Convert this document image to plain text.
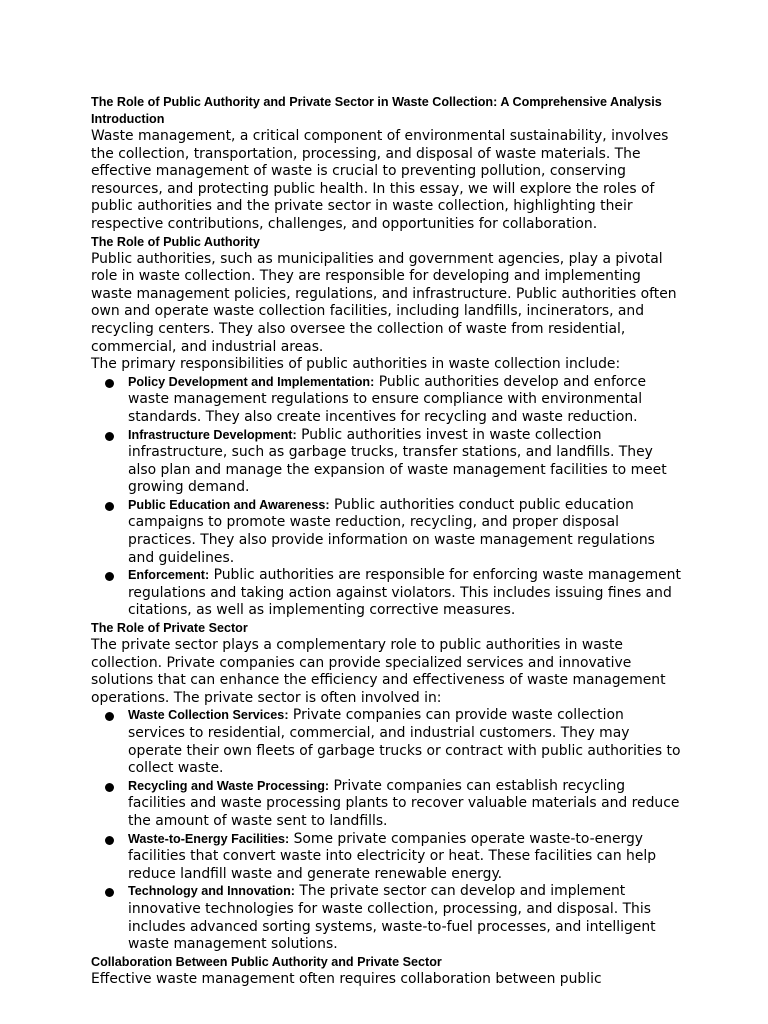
The Role of Public Authority and Private Sector in Waste Collection: A Comprehensive Analysis

Introduction

Waste management, a critical component of environmental sustainability, involves the collection, transportation, processing, and disposal of waste materials. The effective management of waste is crucial to preventing pollution, conserving resources, and protecting public health. In this essay, we will explore the roles of public authorities and the private sector in waste collection, highlighting their respective contributions, challenges, and opportunities for collaboration.

The Role of Public Authority

Public authorities, such as municipalities and government agencies, play a pivotal role in waste collection. They are responsible for developing and implementing waste management policies, regulations, and infrastructure. Public authorities often own and operate waste collection facilities, including landfills, incinerators, and recycling centers. They also oversee the collection of waste from residential, commercial, and industrial areas.

The primary responsibilities of public authorities in waste collection include:

Policy Development and Implementation: Public authorities develop and enforce waste management regulations to ensure compliance with environmental standards. They also create incentives for recycling and waste reduction.
Infrastructure Development: Public authorities invest in waste collection infrastructure, such as garbage trucks, transfer stations, and landfills. They also plan and manage the expansion of waste management facilities to meet growing demand.
Public Education and Awareness: Public authorities conduct public education campaigns to promote waste reduction, recycling, and proper disposal practices. They also provide information on waste management regulations and guidelines.
Enforcement: Public authorities are responsible for enforcing waste management regulations and taking action against violators. This includes issuing fines and citations, as well as implementing corrective measures.

The Role of Private Sector

The private sector plays a complementary role to public authorities in waste collection. Private companies can provide specialized services and innovative solutions that can enhance the efficiency and effectiveness of waste management operations. The private sector is often involved in:

Waste Collection Services: Private companies can provide waste collection services to residential, commercial, and industrial customers. They may operate their own fleets of garbage trucks or contract with public authorities to collect waste.
Recycling and Waste Processing: Private companies can establish recycling facilities and waste processing plants to recover valuable materials and reduce the amount of waste sent to landfills.
Waste-to-Energy Facilities: Some private companies operate waste-to-energy facilities that convert waste into electricity or heat. These facilities can help reduce landfill waste and generate renewable energy.
Technology and Innovation: The private sector can develop and implement innovative technologies for waste collection, processing, and disposal. This includes advanced sorting systems, waste-to-fuel processes, and intelligent waste management solutions.

Collaboration Between Public Authority and Private Sector

Effective waste management often requires collaboration between public
